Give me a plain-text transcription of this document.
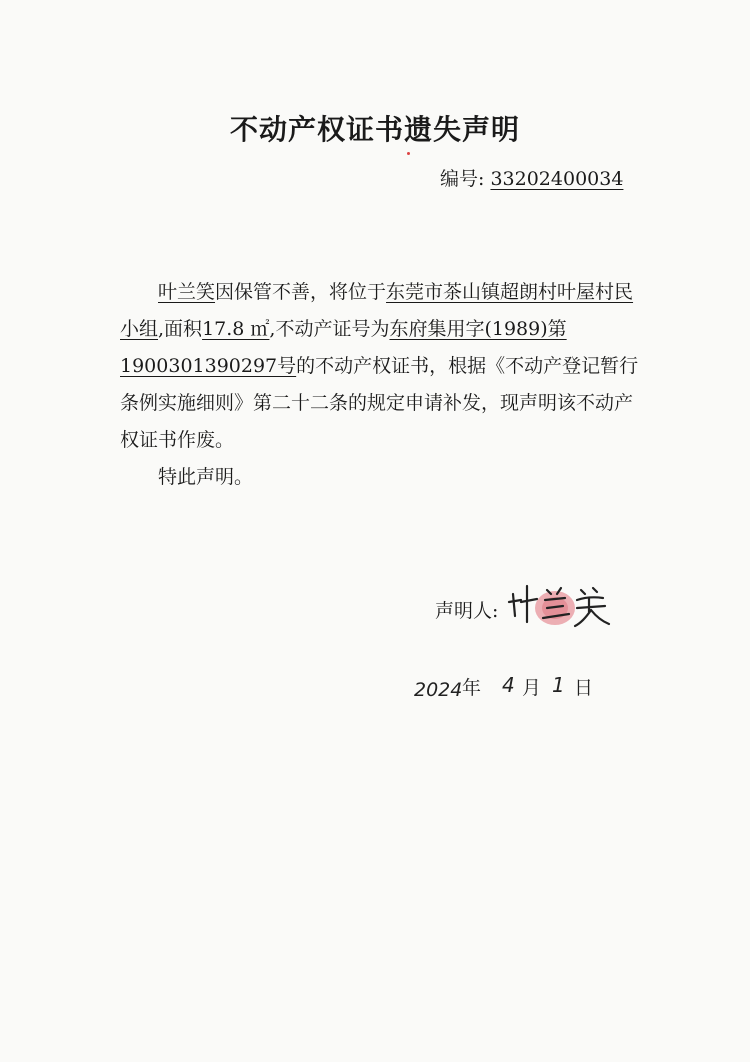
不动产权证书遗失声明
编号: 33202400034

叶兰笑因保管不善，将位于东莞市茶山镇超朗村叶屋村民小组,面积17.8 ㎡,不动产证号为东府集用字(1989)第1900301390297号的不动产权证书，根据《不动产登记暂行条例实施细则》第二十二条的规定申请补发，现声明该不动产权证书作废。

特此声明。

声明人:
2024 年 4 月 1 日
